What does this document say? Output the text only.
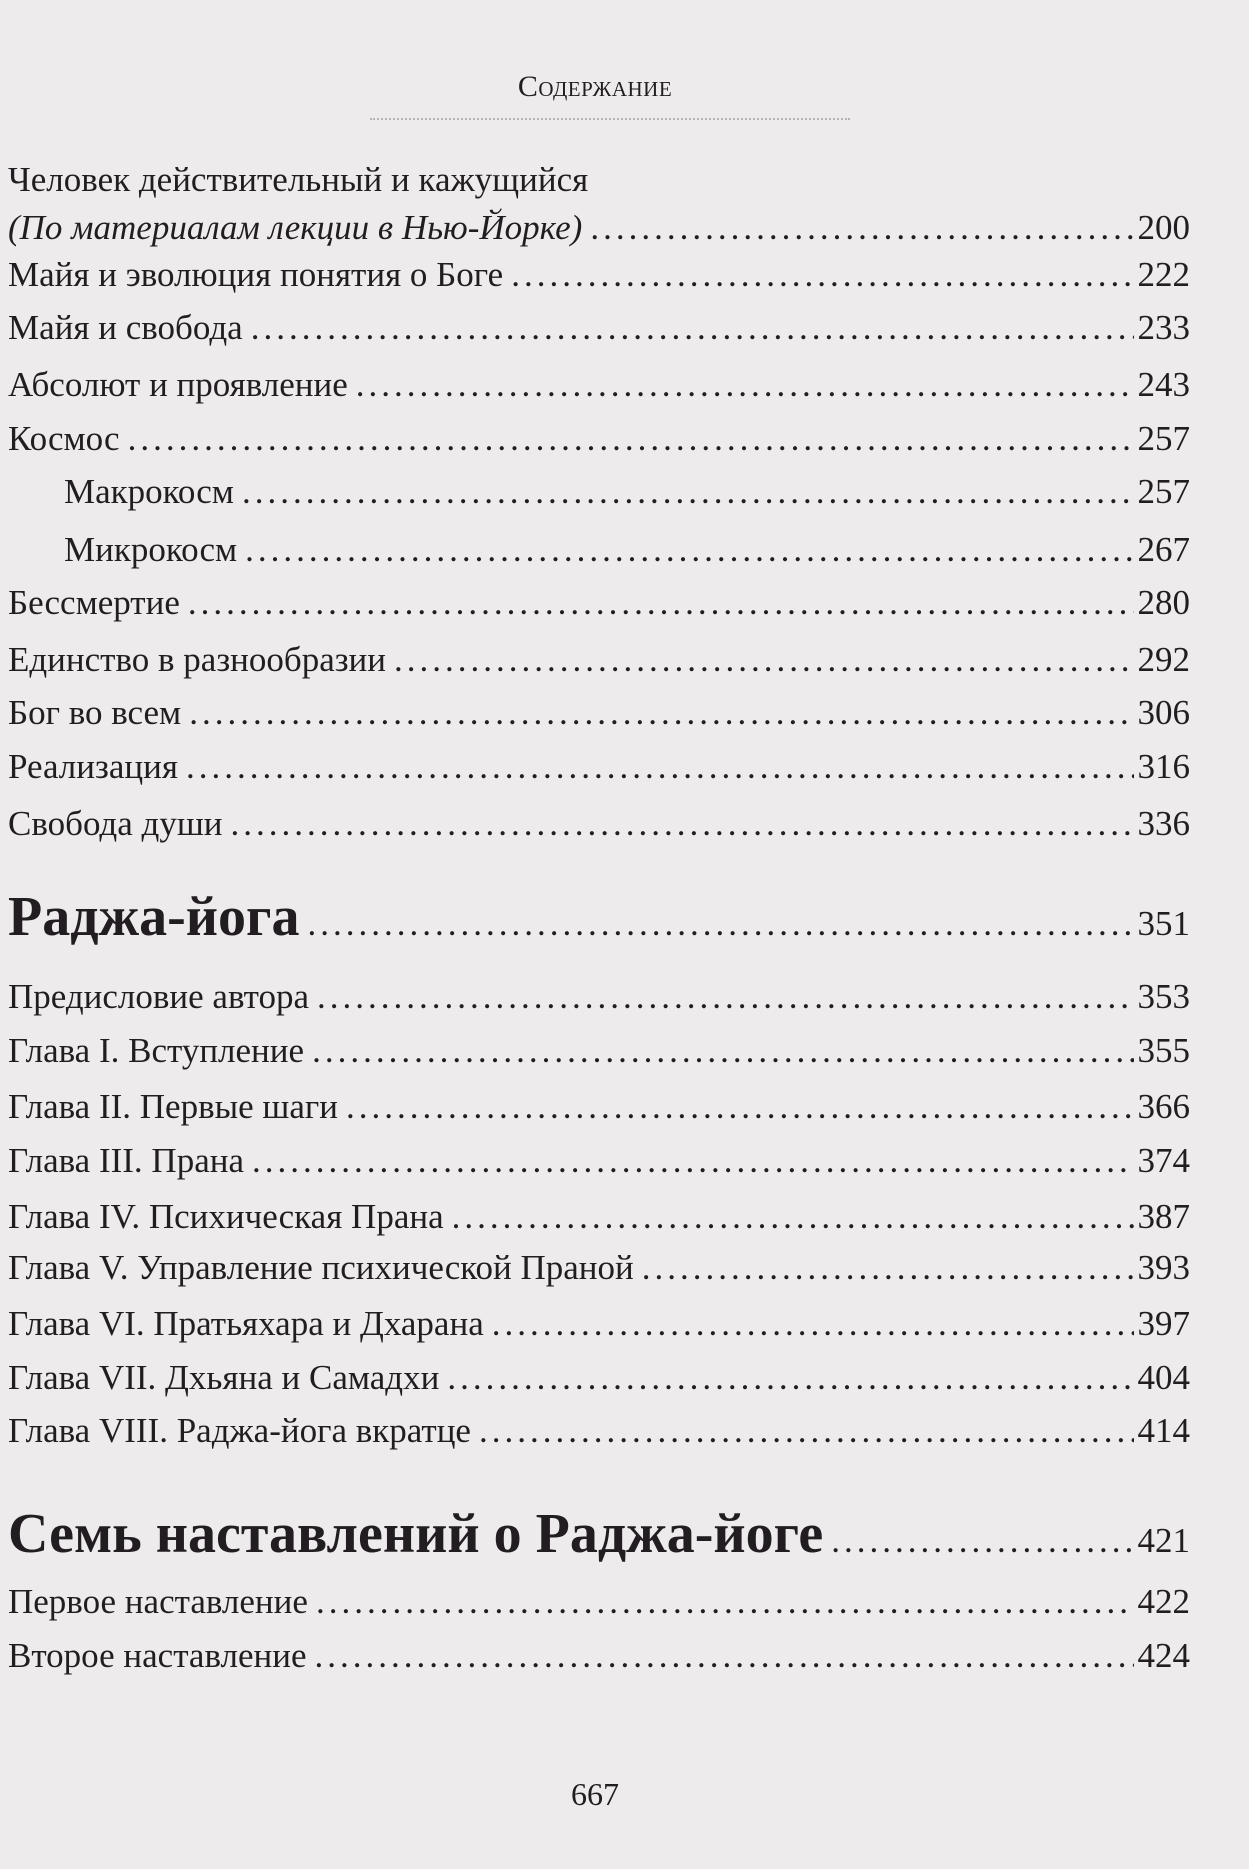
Содержание
Человек действительный и кажущийся
(По материалам лекции в Нью-Йорке) .....	200
Майя и эволюция понятия о Боге .....	222
Майя и свобода .....	233
Абсолют и проявление .....	243
Космос .....	257
Макрокосм .....	257
Микрокосм .....	267
Бессмертие .....	280
Единство в разнообразии .....	292
Бог во всем .....	306
Реализация .....	316
Свобода души .....	336
Раджа-йога .....	351
Предисловие автора .....	353
Глава I. Вступление .....	355
Глава II. Первые шаги .....	366
Глава III. Прана .....	374
Глава IV. Психическая Прана .....	387
Глава V. Управление психической Праной .....	393
Глава VI. Пратьяхара и Дхарана .....	397
Глава VII. Дхьяна и Самадхи .....	404
Глава VIII. Раджа-йога вкратце .....	414
Семь наставлений о Раджа-йоге .....	421
Первое наставление .....	422
Второе наставление .....	424
667
